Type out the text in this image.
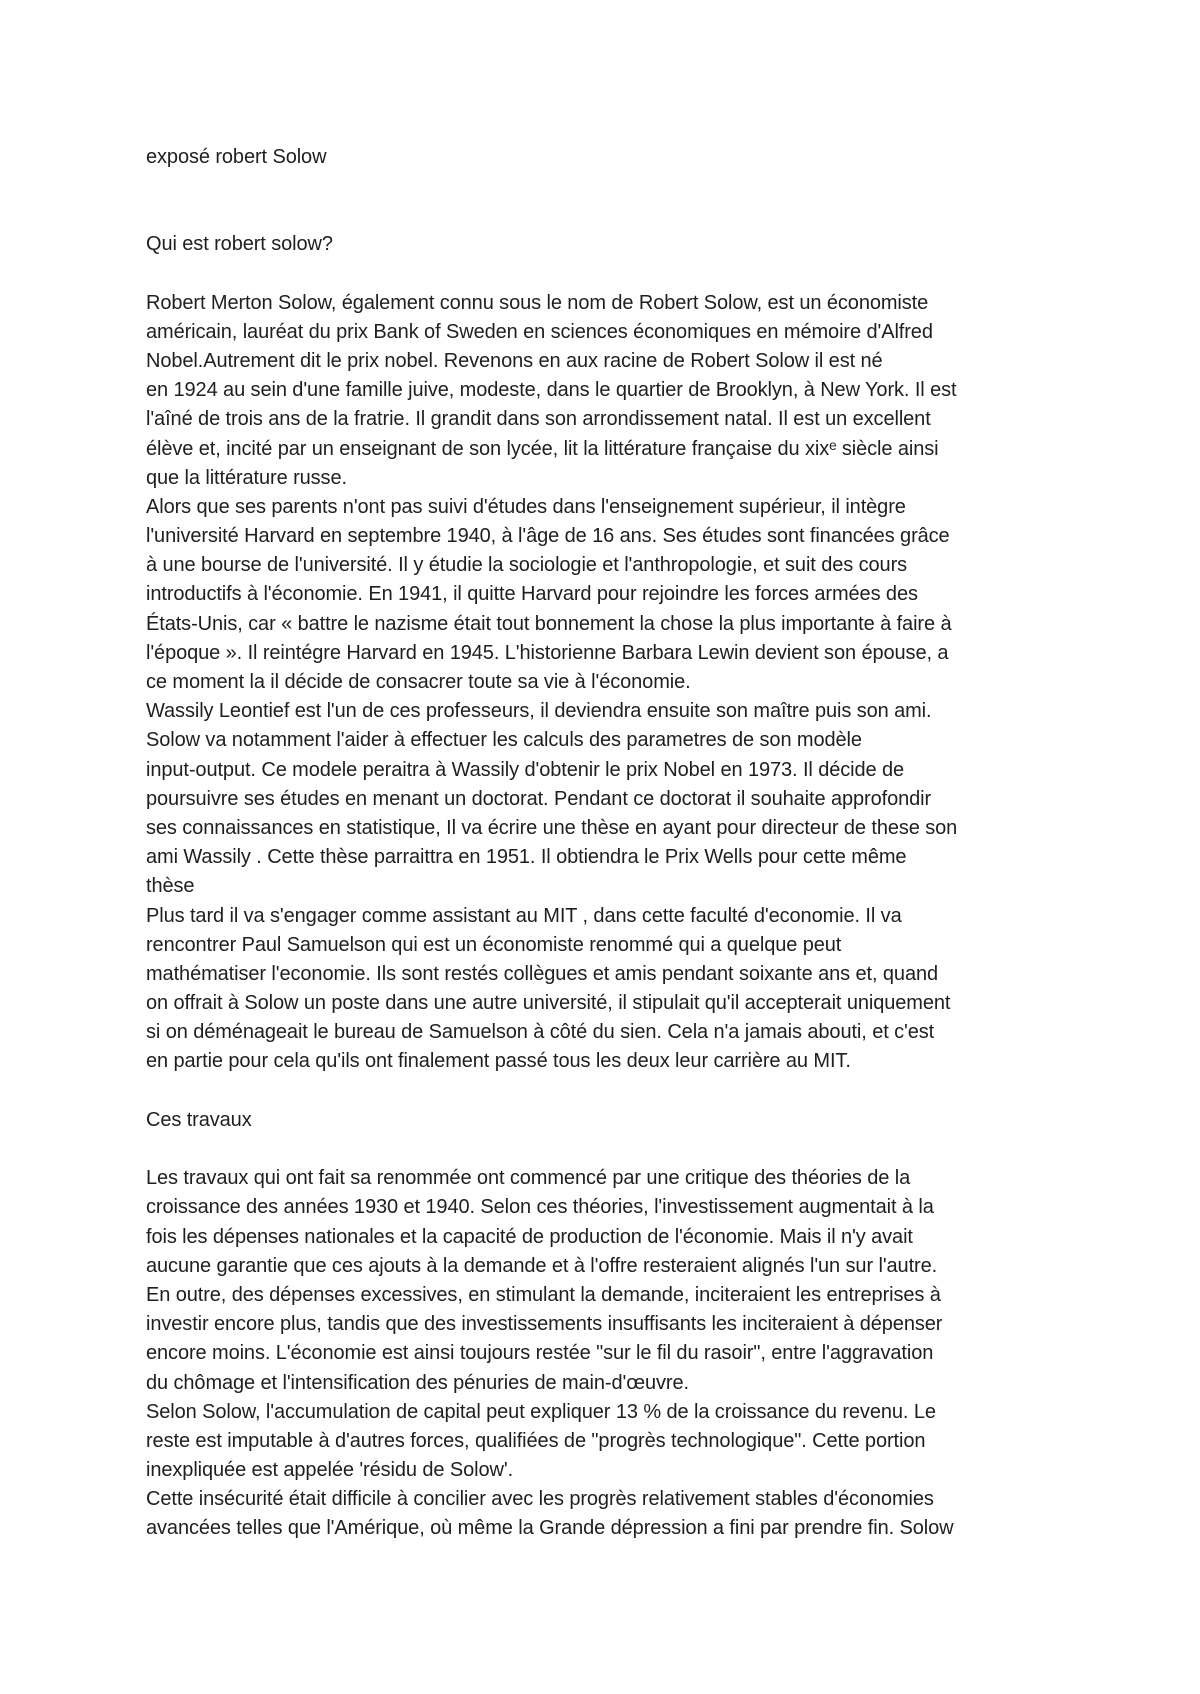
exposé robert Solow
Qui est robert solow?
Robert Merton Solow, également connu sous le nom de Robert Solow, est un économiste
américain, lauréat du prix Bank of Sweden en sciences économiques en mémoire d'Alfred
Nobel.Autrement dit le prix nobel. Revenons en aux racine de Robert Solow il est né
en 1924 au sein d'une famille juive, modeste, dans le quartier de Brooklyn, à New York. Il est
l'aîné de trois ans de la fratrie. Il grandit dans son arrondissement natal. Il est un excellent
élève et, incité par un enseignant de son lycée, lit la littérature française du xixᵉ siècle ainsi
que la littérature russe.
Alors que ses parents n'ont pas suivi d'études dans l'enseignement supérieur, il intègre
l'université Harvard en septembre 1940, à l'âge de 16 ans. Ses études sont financées grâce
à une bourse de l'université. Il y étudie la sociologie et l'anthropologie, et suit des cours
introductifs à l'économie. En 1941, il quitte Harvard pour rejoindre les forces armées des
États-Unis, car « battre le nazisme était tout bonnement la chose la plus importante à faire à
l'époque ». Il reintégre Harvard en 1945. L'historienne Barbara Lewin devient son épouse, a
ce moment la il décide de consacrer toute sa vie à l'économie.
Wassily Leontief est l'un de ces professeurs, il deviendra ensuite son maître puis son ami.
Solow va notamment l'aider à effectuer les calculs des parametres de son modèle
input-output. Ce modele peraitra à Wassily d'obtenir le prix Nobel en 1973. Il décide de
poursuivre ses études en menant un doctorat. Pendant ce doctorat il souhaite approfondir
ses connaissances en statistique, Il va écrire une thèse en ayant pour directeur de these son
ami Wassily . Cette thèse parraittra en 1951. Il obtiendra le Prix Wells pour cette même
thèse
Plus tard il va s'engager comme assistant au MIT , dans cette faculté d'economie. Il va
rencontrer Paul Samuelson qui est un économiste renommé qui a quelque peut
mathématiser l'economie. Ils sont restés collègues et amis pendant soixante ans et, quand
on offrait à Solow un poste dans une autre université, il stipulait qu'il accepterait uniquement
si on déménageait le bureau de Samuelson à côté du sien. Cela n'a jamais abouti, et c'est
en partie pour cela qu'ils ont finalement passé tous les deux leur carrière au MIT.
Ces travaux
Les travaux qui ont fait sa renommée ont commencé par une critique des théories de la
croissance des années 1930 et 1940. Selon ces théories, l'investissement augmentait à la
fois les dépenses nationales et la capacité de production de l'économie. Mais il n'y avait
aucune garantie que ces ajouts à la demande et à l'offre resteraient alignés l'un sur l'autre.
En outre, des dépenses excessives, en stimulant la demande, inciteraient les entreprises à
investir encore plus, tandis que des investissements insuffisants les inciteraient à dépenser
encore moins. L'économie est ainsi toujours restée "sur le fil du rasoir", entre l'aggravation
du chômage et l'intensification des pénuries de main-d'œuvre.
Selon Solow, l'accumulation de capital peut expliquer 13 % de la croissance du revenu. Le
reste est imputable à d'autres forces, qualifiées de "progrès technologique". Cette portion
inexpliquée est appelée 'résidu de Solow'.
Cette insécurité était difficile à concilier avec les progrès relativement stables d'économies
avancées telles que l'Amérique, où même la Grande dépression a fini par prendre fin. Solow
